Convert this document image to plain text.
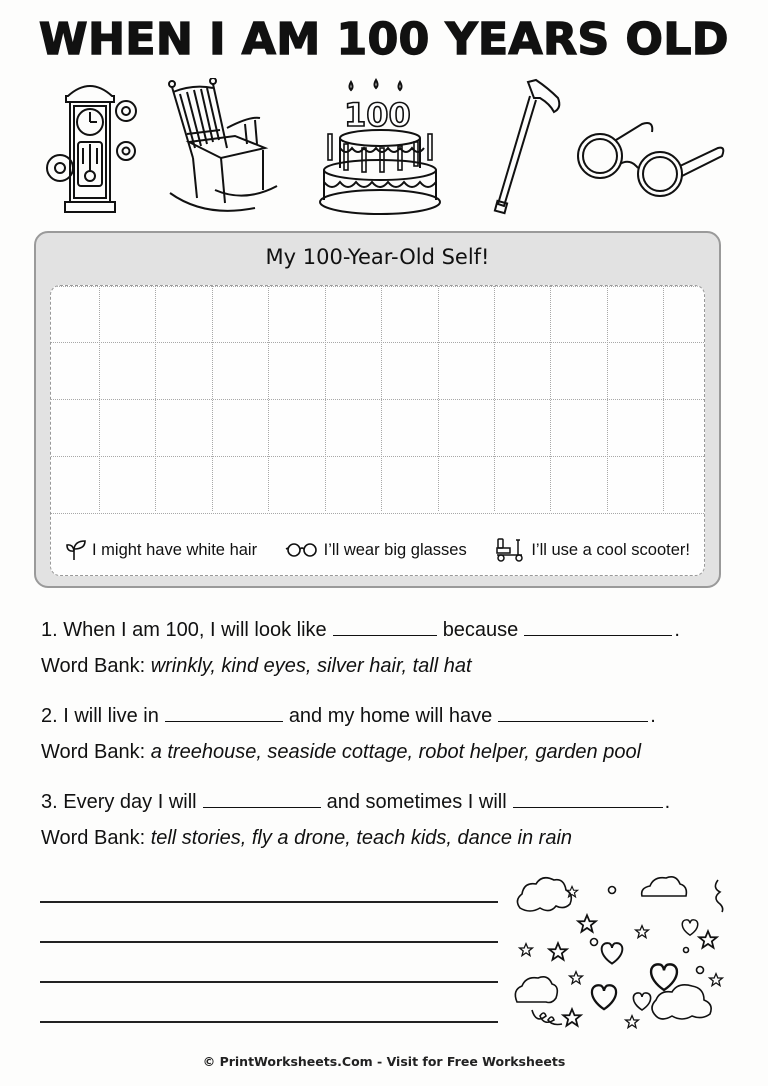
WHEN I AM 100 YEARS OLD
100
My 100-Year-Old Self!
I might have white hair	I’ll wear big glasses	I’ll use a cool scooter!
1. When I am 100, I will look like	because	.
Word Bank: wrinkly, kind eyes, silver hair, tall hat
2. I will live in	and my home will have	.
Word Bank: a treehouse, seaside cottage, robot helper, garden pool
3. Every day I will	and sometimes I will	.
Word Bank: tell stories, fly a drone, teach kids, dance in rain
© PrintWorksheets.Com - Visit for Free Worksheets
